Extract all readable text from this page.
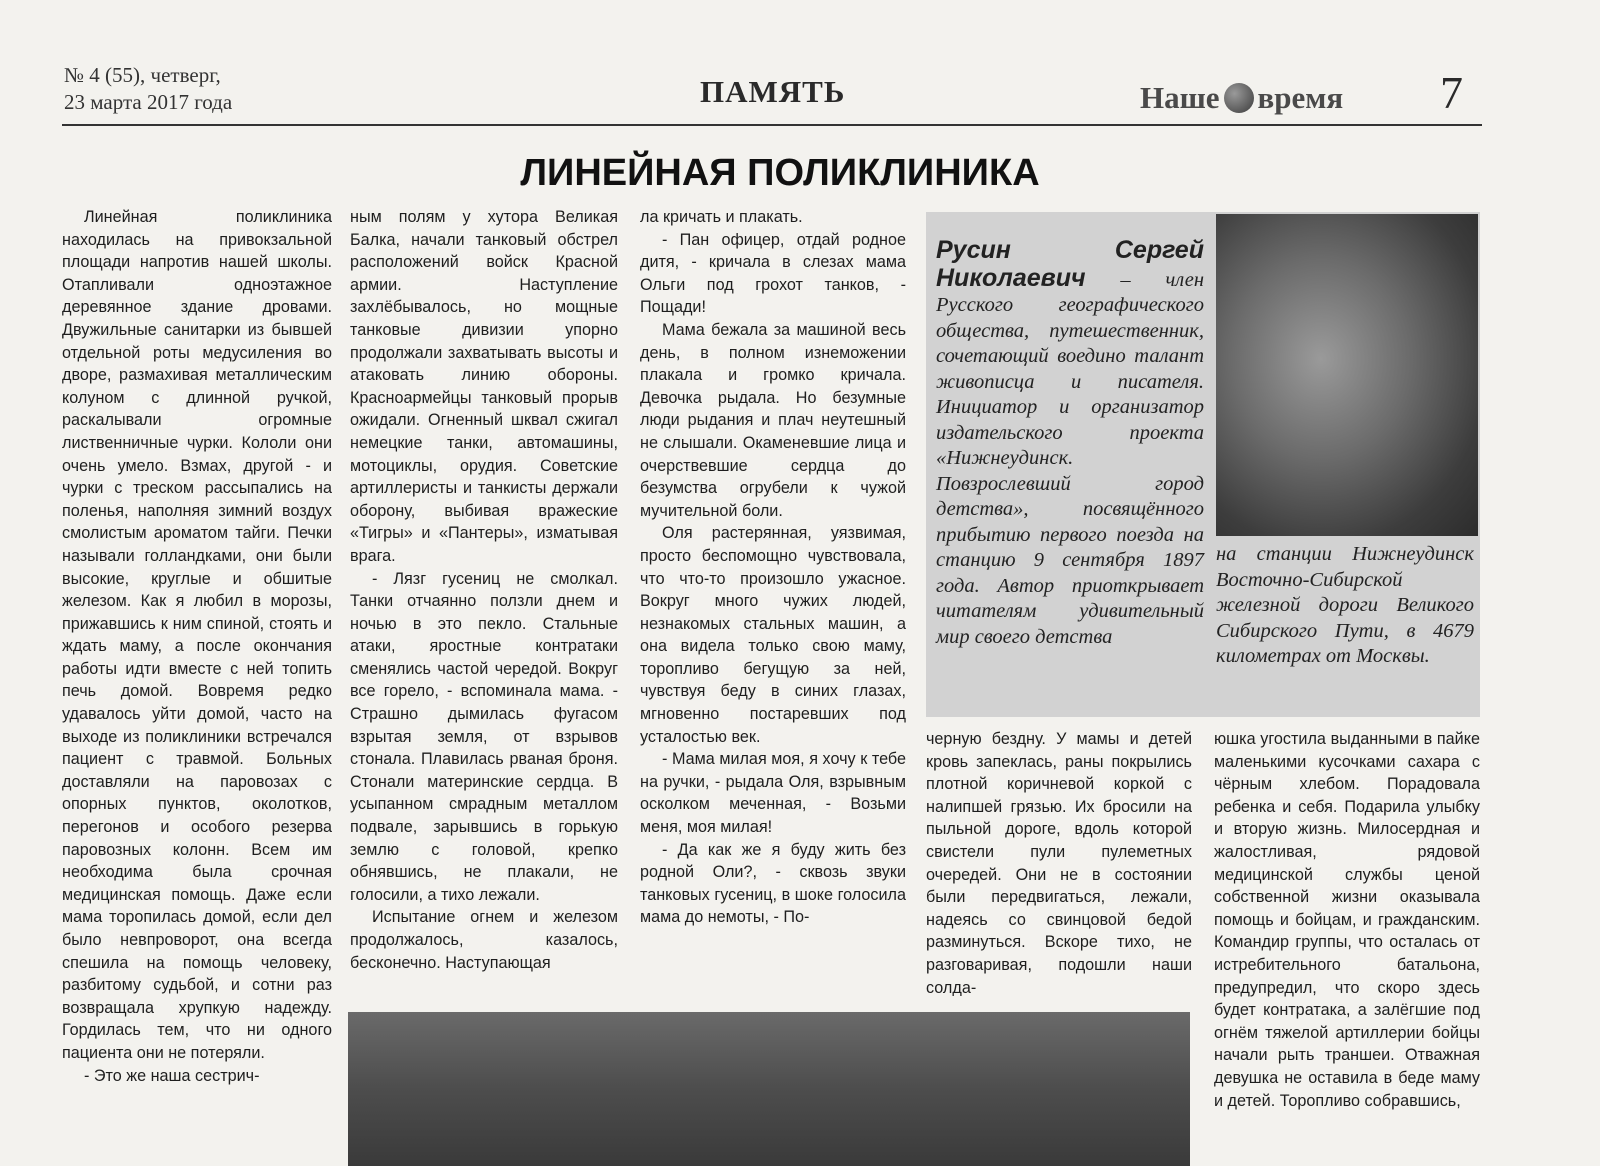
№ 4 (55), четверг,
23 марта 2017 года	ПАМЯТЬ	Наше время 7
ЛИНЕЙНАЯ ПОЛИКЛИНИКА

Линейная поликлиника находилась на привокзальной площади напротив нашей школы. Отапливали одноэтажное деревянное здание дровами. Двужильные санитарки из бывшей отдельной роты медусиления во дворе, размахивая металлическим колуном с длинной ручкой, раскалывали огромные лиственничные чурки. Кололи они очень умело. Взмах, другой - и чурки с треском рассыпались на поленья, наполняя зимний воздух смолистым ароматом тайги. Печки называли голландками, они были высокие, круглые и обшитые железом. Как я любил в морозы, прижавшись к ним спиной, стоять и ждать маму, а после окончания работы идти вместе с ней топить печь домой. Вовремя редко удавалось уйти домой, часто на выходе из поликлиники встречался пациент с травмой. Больных доставляли на паровозах с опорных пунктов, околотков, перегонов и особого резерва паровозных колонн. Всем им необходима была срочная медицинская помощь. Даже если мама торопилась домой, если дел было невпроворот, она всегда спешила на помощь человеку, разбитому судьбой, и сотни раз возвращала хрупкую надежду. Гордилась тем, что ни одного пациента они не потеряли.

- Это же наша сестрич-

ным полям у хутора Великая Балка, начали танковый обстрел расположений войск Красной армии. Наступление захлёбывалось, но мощные танковые дивизии упорно продолжали захватывать высоты и атаковать линию обороны. Красноармейцы танковый прорыв ожидали. Огненный шквал сжигал немецкие танки, автомашины, мотоциклы, орудия. Советские артиллеристы и танкисты держали оборону, выбивая вражеские «Тигры» и «Пантеры», изматывая врага.

- Лязг гусениц не смолкал. Танки отчаянно ползли днем и ночью в это пекло. Стальные атаки, яростные контратаки сменялись частой чередой. Вокруг все горело, - вспоминала мама. - Страшно дымилась фугасом взрытая земля, от взрывов стонала. Плавилась рваная броня. Стонали материнские сердца. В усыпанном смрадным металлом подвале, зарывшись в горькую землю с головой, крепко обнявшись, не плакали, не голосили, а тихо лежали.

Испытание огнем и железом продолжалось, казалось, бесконечно. Наступающая

ла кричать и плакать.

- Пан офицер, отдай родное дитя, - кричала в слезах мама Ольги под грохот танков, - Пощади!

Мама бежала за машиной весь день, в полном изнеможении плакала и громко кричала. Девочка рыдала. Но безумные люди рыдания и плач неутешный не слышали. Окаменевшие лица и очерствевшие сердца до безумства огрубели к чужой мучительной боли.

Оля растерянная, уязвимая, просто беспомощно чувствовала, что что-то произошло ужасное. Вокруг много чужих людей, незнакомых стальных машин, а она видела только свою маму, торопливо бегущую за ней, чувствуя беду в синих глазах, мгновенно постаревших под усталостью век.

- Мама милая моя, я хочу к тебе на ручки, - рыдала Оля, взрывным осколком меченная, - Возьми меня, моя милая!

- Да как же я буду жить без родной Оли?, - сквозь звуки танковых гусениц, в шоке голосила мама до немоты, - По-

Русин Сергей Николаевич – член Русского географического общества, путешественник, сочетающий воедино талант живописца и писателя. Инициатор и организатор издательского проекта «Нижнеудинск. Повзрослевший город детства», посвящённого прибытию первого поезда на станцию 9 сентября 1897 года. Автор приоткрывает читателям удивительный мир своего детства
на станции Нижнеудинск Восточно-Сибирской железной дороги Великого Сибирского Пути, в 4679 километрах от Москвы.

черную бездну. У мамы и детей кровь запеклась, раны покрылись плотной коричневой коркой с налипшей грязью. Их бросили на пыльной дороге, вдоль которой свистели пули пулеметных очередей. Они не в состоянии были передвигаться, лежали, надеясь со свинцовой бедой разминуться. Вскоре тихо, не разговаривая, подошли наши солда-

юшка угостила выданными в пайке маленькими кусочками сахара с чёрным хлебом. Порадовала ребенка и себя. Подарила улыбку и вторую жизнь. Милосердная и жалостливая, рядовой медицинской службы ценой собственной жизни оказывала помощь и бойцам, и гражданским. Командир группы, что осталась от истребительного батальона, предупредил, что скоро здесь будет контратака, а залёгшие под огнём тяжелой артиллерии бойцы начали рыть траншеи. Отважная девушка не оставила в беде маму и детей. Торопливо собравшись,
